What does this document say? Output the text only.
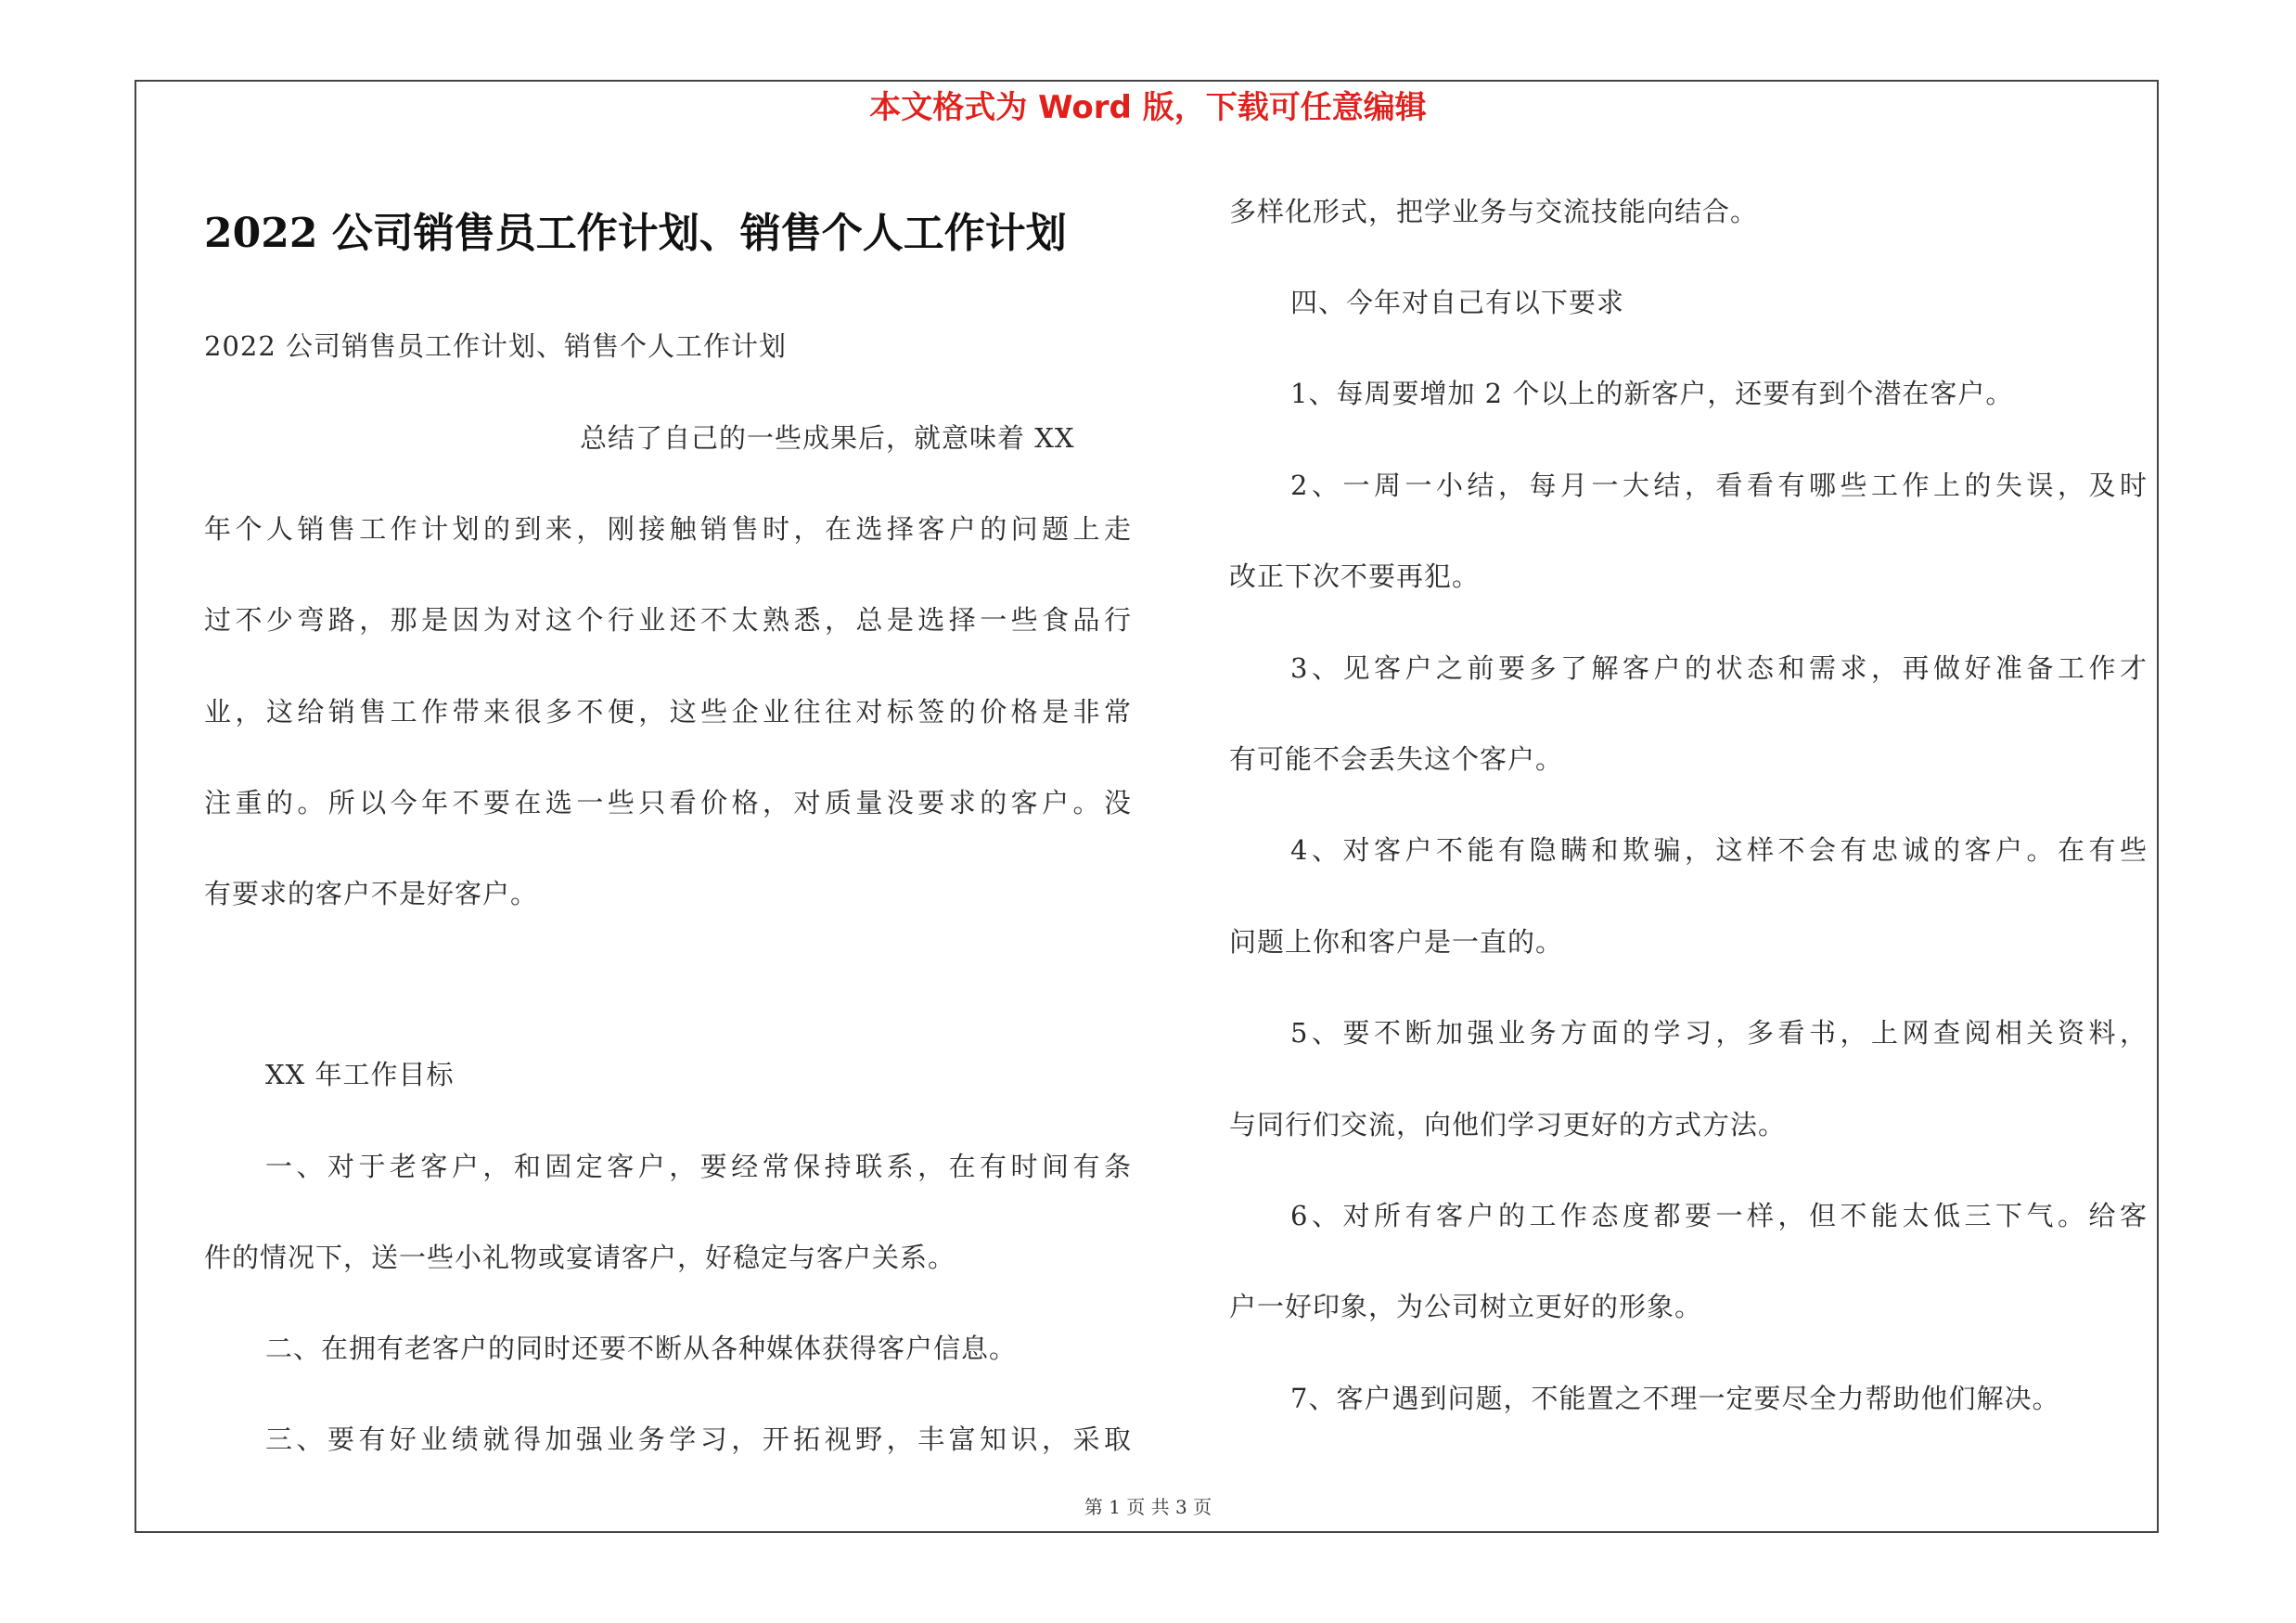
本文格式为 Word 版，下载可任意编辑
2022 公司销售员工作计划、销售个人工作计划
2022 公司销售员工作计划、销售个人工作计划
总结了自己的一些成果后，就意味着 XX
年个人销售工作计划的到来，刚接触销售时，在选择客户的问题上走
过不少弯路，那是因为对这个行业还不太熟悉，总是选择一些食品行
业，这给销售工作带来很多不便，这些企业往往对标签的价格是非常
注重的。所以今年不要在选一些只看价格，对质量没要求的客户。没
有要求的客户不是好客户。
XX 年工作目标
一、对于老客户，和固定客户，要经常保持联系，在有时间有条
件的情况下，送一些小礼物或宴请客户，好稳定与客户关系。
二、在拥有老客户的同时还要不断从各种媒体获得客户信息。
三、要有好业绩就得加强业务学习，开拓视野，丰富知识，采取
多样化形式，把学业务与交流技能向结合。
四、今年对自己有以下要求
1、每周要增加 2 个以上的新客户，还要有到个潜在客户。
2、一周一小结，每月一大结，看看有哪些工作上的失误，及时
改正下次不要再犯。
3、见客户之前要多了解客户的状态和需求，再做好准备工作才
有可能不会丢失这个客户。
4、对客户不能有隐瞒和欺骗，这样不会有忠诚的客户。在有些
问题上你和客户是一直的。
5、要不断加强业务方面的学习，多看书，上网查阅相关资料，
与同行们交流，向他们学习更好的方式方法。
6、对所有客户的工作态度都要一样，但不能太低三下气。给客
户一好印象，为公司树立更好的形象。
7、客户遇到问题，不能置之不理一定要尽全力帮助他们解决。
第 1 页 共 3 页
